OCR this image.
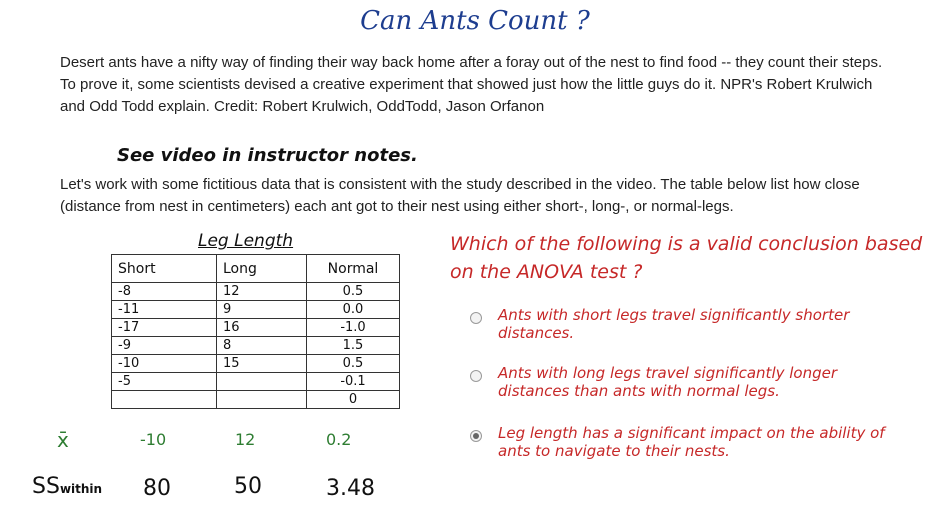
Can Ants Count ?
Desert ants have a nifty way of finding their way back home after a foray out of the nest to find food -- they count their steps. To prove it, some scientists devised a creative experiment that showed just how the little guys do it. NPR's Robert Krulwich and Odd Todd explain. Credit: Robert Krulwich, OddTodd, Jason Orfanon
See video in instructor notes.
Let's work with some fictitious data that is consistent with the study described in the video. The table below list how close (distance from nest in centimeters) each ant got to their nest using either short-, long-, or normal-legs.
Leg Length
Short	Long	Normal
-8	12	0.5
-11	9	0.0
-17	16	-1.0
-9	8	1.5
-10	15	0.5
-5		-0.1
		0
x̄	-10	12	0.2
SSwithin 80	50	3.48
Which of the following is a valid conclusion based on the ANOVA test ?
Ants with short legs travel significantly shorter distances.
Ants with long legs travel significantly longer distances than ants with normal legs.
Leg length has a significant impact on the ability of ants to navigate to their nests.
